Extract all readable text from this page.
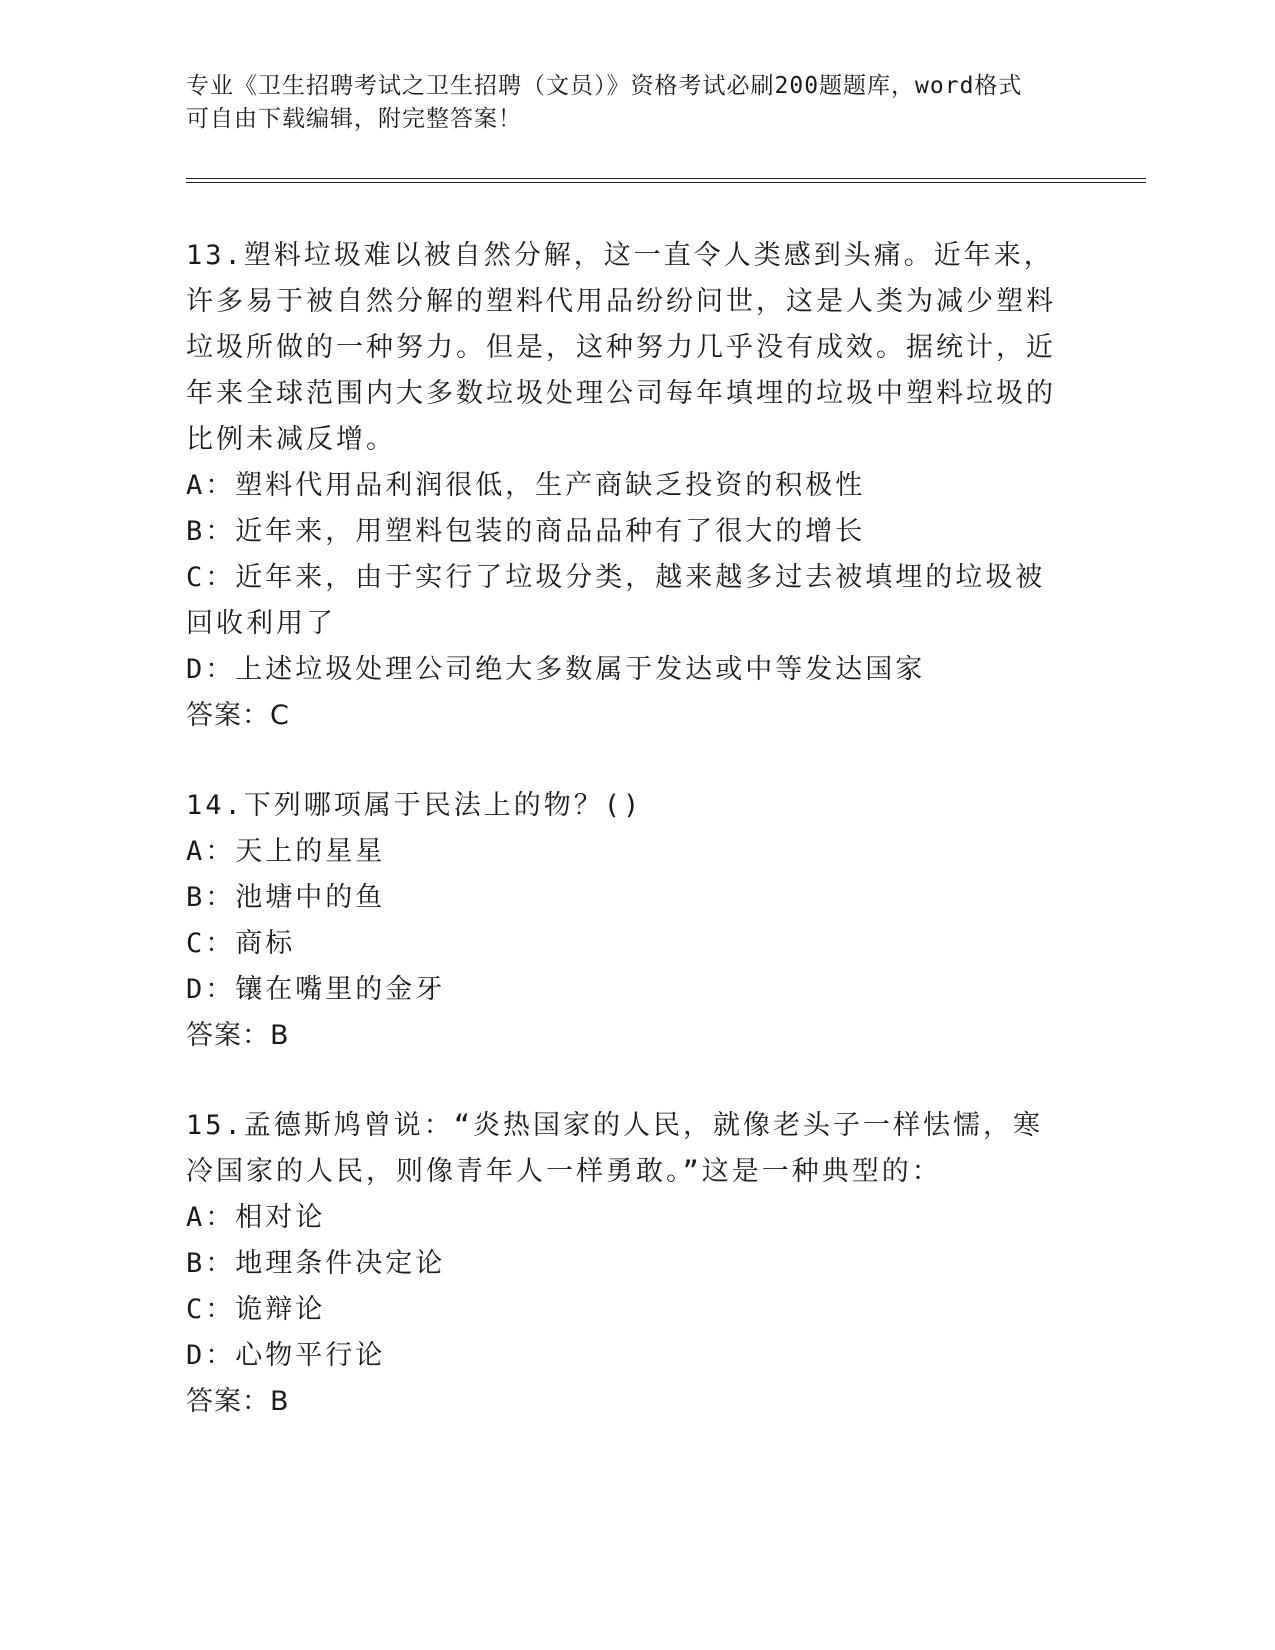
专业《卫生招聘考试之卫生招聘（文员）》资格考试必刷200题题库，word格式
可自由下载编辑，附完整答案！

13.塑料垃圾难以被自然分解，这一直令人类感到头痛。近年来，许多易于被自然分解的塑料代用品纷纷问世，这是人类为减少塑料垃圾所做的一种努力。但是，这种努力几乎没有成效。据统计，近年来全球范围内大多数垃圾处理公司每年填埋的垃圾中塑料垃圾的比例未减反增。

A：塑料代用品利润很低，生产商缺乏投资的积极性

B：近年来，用塑料包装的商品品种有了很大的增长

C：近年来，由于实行了垃圾分类，越来越多过去被填埋的垃圾被回收利用了

D：上述垃圾处理公司绝大多数属于发达或中等发达国家

答案：C

14.下列哪项属于民法上的物？()

A：天上的星星

B：池塘中的鱼

C：商标

D：镶在嘴里的金牙

答案：B

15.孟德斯鸠曾说：“炎热国家的人民，就像老头子一样怯懦，寒冷国家的人民，则像青年人一样勇敢。”这是一种典型的：

A：相对论

B：地理条件决定论

C：诡辩论

D：心物平行论

答案：B
